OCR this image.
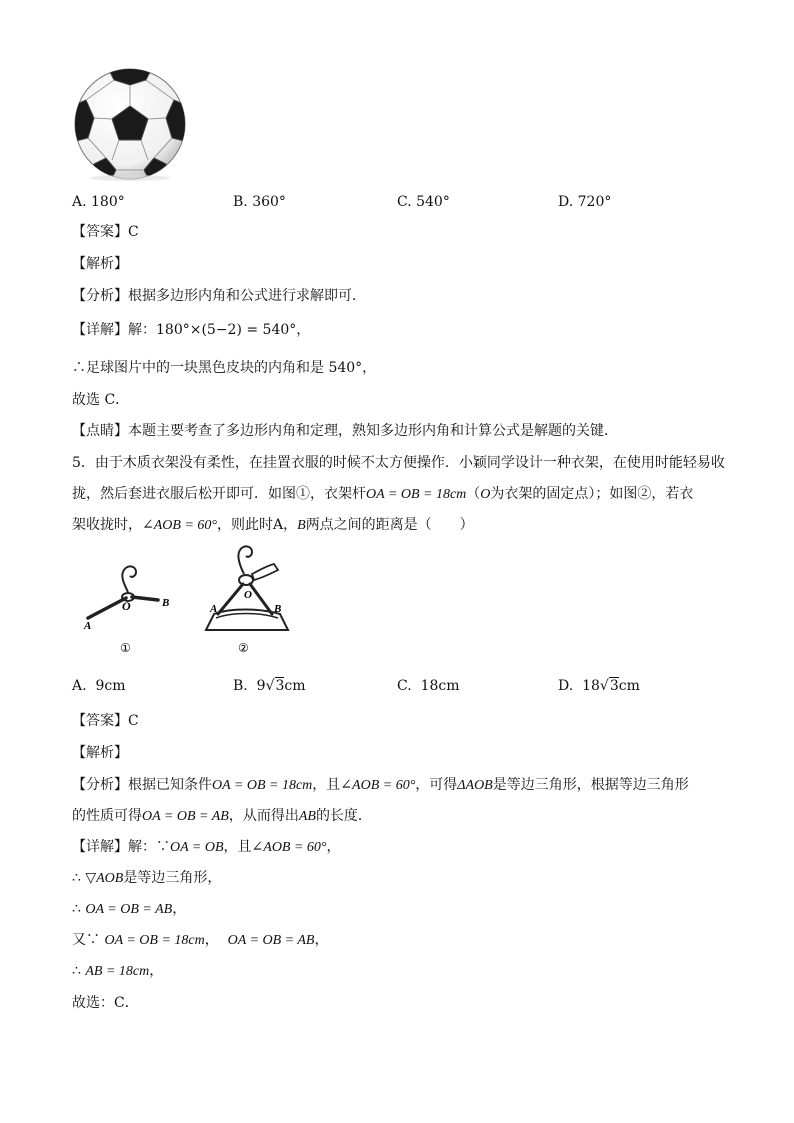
A. 180°	B. 360°	C. 540°	D. 720°
【答案】C
【解析】
【分析】根据多边形内角和公式进行求解即可．
【详解】解：180°×(5−2) = 540°，
∴足球图片中的一块黑色皮块的内角和是 540°，
故选 C．
【点睛】本题主要考查了多边形内角和定理，熟知多边形内角和计算公式是解题的关键．
5．由于木质衣架没有柔性，在挂置衣服的时候不太方便操作．小颖同学设计一种衣架，在使用时能轻易收
拢，然后套进衣服后松开即可．如图①，衣架杆OA = OB = 18cm（O为衣架的固定点）；如图②，若衣
架收拢时，∠AOB = 60°，则此时A，B两点之间的距离是（　　）
O
A
B
①
O
A	B
②
A. 9cm	B. 9√3cm	C. 18cm	D. 18√3cm
【答案】C
【解析】
【分析】根据已知条件OA = OB = 18cm，且∠AOB = 60°，可得ΔAOB是等边三角形，根据等边三角形
的性质可得OA = OB = AB，从而得出AB的长度．
【详解】解：∵OA = OB，且∠AOB = 60°，
∴ ▽AOB是等边三角形，
∴ OA = OB = AB，
又∵ OA = OB = 18cm， OA = OB = AB，
∴ AB = 18cm，
故选：C．
